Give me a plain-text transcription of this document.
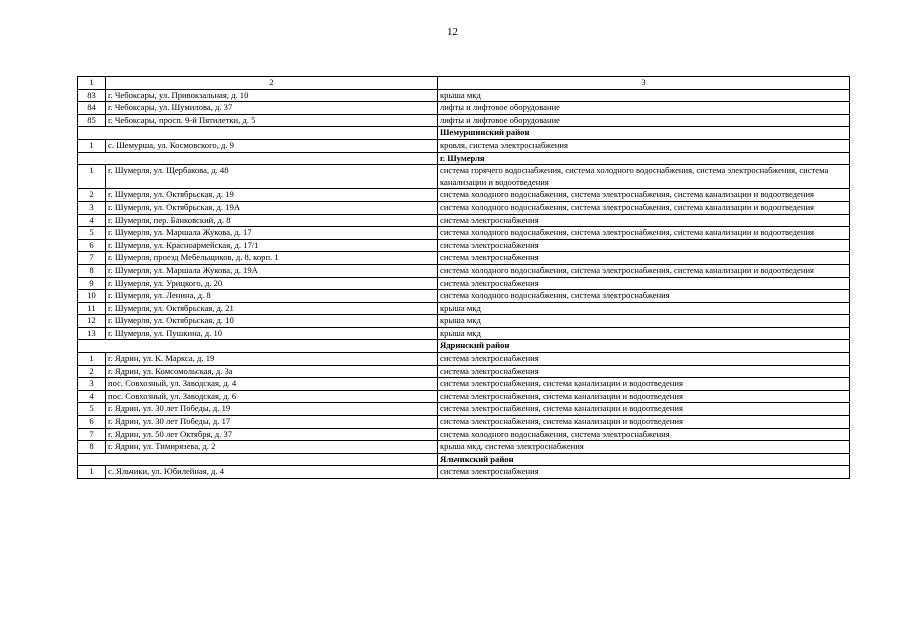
12
1	2	3
83	г. Чебоксары, ул. Привокзальная, д. 10	крыша мкд
84	г. Чебоксары, ул. Шумилова, д. 37	лифты и лифтовое оборудование
85	г. Чебоксары, просп. 9-й Пятилетки, д. 5	лифты и лифтовое оборудование
		Шемуршинский район
1	с. Шемурша, ул. Космовского, д. 9	кровля, система электроснабжения
		г. Шумерля
1	г. Шумерля, ул. Щербакова, д. 48	система горячего водоснабжения, система холодного водоснабжения, система электроснабжения, система канализации и водоотведения
2	г. Шумерля, ул. Октябрьская, д. 19	система холодного водоснабжения, система электроснабжения, система канализации и водоотведения
3	г. Шумерля, ул. Октябрьская, д. 19А	система холодного водоснабжения, система электроснабжения, система канализации и водоотведения
4	г. Шумерля, пер. Банковский, д. 8	система электроснабжения
5	г. Шумерля, ул. Маршала Жукова, д. 17	система холодного водоснабжения, система электроснабжения, система канализации и водоотведения
6	г. Шумерля, ул. Красноармейская, д. 17/1	система электроснабжения
7	г. Шумерля, проезд Мебельщиков, д. 8, корп. 1	система электроснабжения
8	г. Шумерля, ул. Маршала Жукова, д. 19А	система холодного водоснабжения, система электроснабжения, система канализации и водоотведения
9	г. Шумерля, ул. Урицкого, д. 20	система электроснабжения
10	г. Шумерля, ул. Ленина, д. 8	система холодного водоснабжения, система электроснабжения
11	г. Шумерля, ул. Октябрьская, д. 21	крыша мкд
12	г. Шумерля, ул. Октябрьская, д. 10	крыша мкд
13	г. Шумерля, ул. Пушкина, д. 10	крыша мкд
		Ядринский район
1	г. Ядрин, ул. К. Маркса, д. 19	система электроснабжения
2	г. Ядрин, ул. Комсомольская, д. 3а	система электроснабжения
3	пос. Совхозный, ул. Заводская, д. 4	система электроснабжения, система канализации и водоотведения
4	пос. Совхозный, ул. Заводская, д. 6	система электроснабжения, система канализации и водоотведения
5	г. Ядрин, ул. 30 лет Победы, д. 19	система электроснабжения, система канализации и водоотведения
6	г. Ядрин, ул. 30 лет Победы, д. 17	система электроснабжения, система канализации и водоотведения
7	г. Ядрин, ул. 50 лет Октября, д. 37	система холодного водоснабжения, система электроснабжения
8	г. Ядрин, ул. Тимирязева, д. 2	крыша мкд, система электроснабжения
		Яльчикский район
1	с. Яльчики, ул. Юбилейная, д. 4	система электроснабжения
